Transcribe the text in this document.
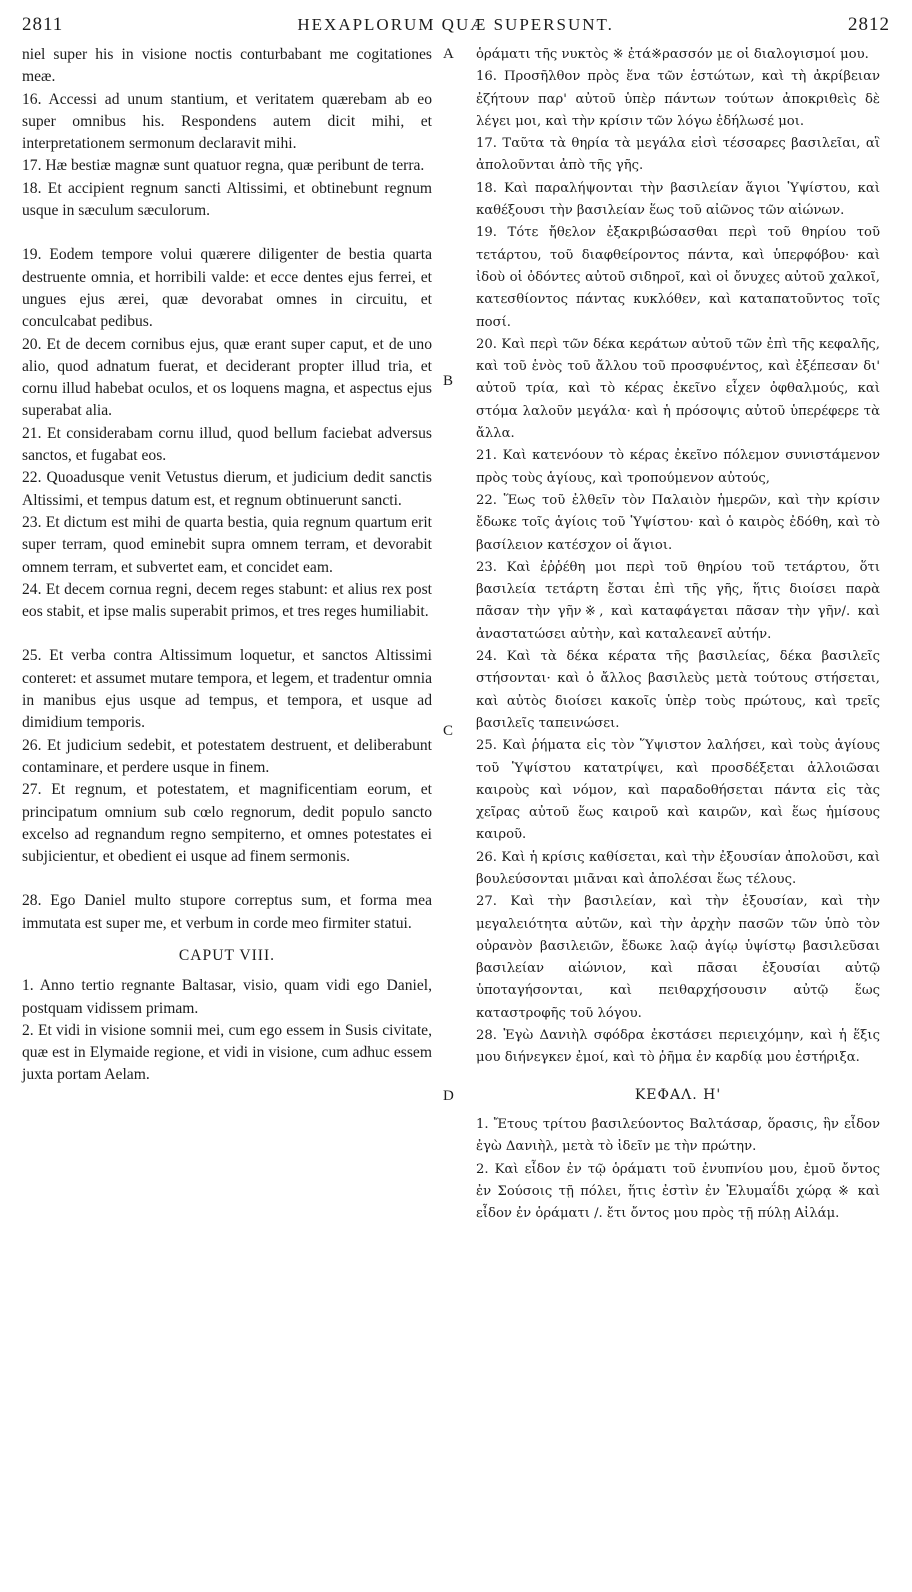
2811	HEXAPLORUM QUÆ SUPERSUNT.	2812
A
B
C
D

niel super his in visione noctis conturbabant me cogitationes meæ.

16. Accessi ad unum stantium, et veritatem quærebam ab eo super omnibus his. Respondens autem dicit mihi, et interpretationem sermonum declaravit mihi.

17. Hæ bestiæ magnæ sunt quatuor regna, quæ peribunt de terra.

18. Et accipient regnum sancti Altissimi, et obtinebunt regnum usque in sæculum sæculorum.

19. Eodem tempore volui quærere diligenter de bestia quarta destruente omnia, et horribili valde: et ecce dentes ejus ferrei, et ungues ejus ærei, quæ devorabat omnes in circuitu, et conculcabat pedibus.

20. Et de decem cornibus ejus, quæ erant super caput, et de uno alio, quod adnatum fuerat, et deciderant propter illud tria, et cornu illud habebat oculos, et os loquens magna, et aspectus ejus superabat alia.

21. Et considerabam cornu illud, quod bellum faciebat adversus sanctos, et fugabat eos.

22. Quoadusque venit Vetustus dierum, et judicium dedit sanctis Altissimi, et tempus datum est, et regnum obtinuerunt sancti.

23. Et dictum est mihi de quarta bestia, quia regnum quartum erit super terram, quod eminebit supra omnem terram, et devorabit omnem terram, et subvertet eam, et concidet eam.

24. Et decem cornua regni, decem reges stabunt: et alius rex post eos stabit, et ipse malis superabit primos, et tres reges humiliabit.

25. Et verba contra Altissimum loquetur, et sanctos Altissimi conteret: et assumet mutare tempora, et legem, et tradentur omnia in manibus ejus usque ad tempus, et tempora, et usque ad dimidium temporis.

26. Et judicium sedebit, et potestatem destruent, et deliberabunt contaminare, et perdere usque in finem.

27. Et regnum, et potestatem, et magnificentiam eorum, et principatum omnium sub cœlo regnorum, dedit populo sancto excelso ad regnandum regno sempiterno, et omnes potestates ei subjicientur, et obedient ei usque ad finem sermonis.

28. Ego Daniel multo stupore correptus sum, et forma mea immutata est super me, et verbum in corde meo firmiter statui.

CAPUT VIII.

1. Anno tertio regnante Baltasar, visio, quam vidi ego Daniel, postquam vidissem primam.

2. Et vidi in visione somnii mei, cum ego essem in Susis civitate, quæ est in Elymaide regione, et vidi in visione, cum adhuc essem juxta portam Aelam.

ὁράματι τῆς νυκτὸς ※ ἐτά※ρασσόν με οἱ διαλογισμοί μου.

16. Προσῆλθον πρὸς ἕνα τῶν ἑστώτων, καὶ τὴ ἀκρίβειαν ἐζήτουν παρ' αὐτοῦ ὑπὲρ πάντων τούτων ἀποκριθεὶς δὲ λέγει μοι, καὶ τὴν κρίσιν τῶν λόγω ἐδήλωσέ μοι.

17. Ταῦτα τὰ θηρία τὰ μεγάλα εἰσὶ τέσσαρες βασιλεῖαι, αἳ ἀπολοῦνται ἀπὸ τῆς γῆς.

18. Καὶ παραλήψονται τὴν βασιλείαν ἅγιοι Ὑψίστου, καὶ καθέξουσι τὴν βασιλείαν ἕως τοῦ αἰῶνος τῶν αἰώνων.

19. Τότε ἤθελον ἐξακριβώσασθαι περὶ τοῦ θηρίου τοῦ τετάρτου, τοῦ διαφθείροντος πάντα, καὶ ὑπερφόβου· καὶ ἰδοὺ οἱ ὀδόντες αὐτοῦ σιδηροῖ, καὶ οἱ ὄνυχες αὐτοῦ χαλκοῖ, κατεσθίοντος πάντας κυκλόθεν, καὶ καταπατοῦντος τοῖς ποσί.

20. Καὶ περὶ τῶν δέκα κεράτων αὐτοῦ τῶν ἐπὶ τῆς κεφαλῆς, καὶ τοῦ ἑνὸς τοῦ ἄλλου τοῦ προσφυέντος, καὶ ἐξέπεσαν δι' αὐτοῦ τρία, καὶ τὸ κέρας ἐκεῖνο εἶχεν ὀφθαλμούς, καὶ στόμα λαλοῦν μεγάλα· καὶ ἡ πρόσοψις αὐτοῦ ὑπερέφερε τὰ ἄλλα.

21. Καὶ κατενόουν τὸ κέρας ἐκεῖνο πόλεμον συνιστάμενον πρὸς τοὺς ἁγίους, καὶ τροπούμενον αὐτούς,

22. Ἕως τοῦ ἐλθεῖν τὸν Παλαιὸν ἡμερῶν, καὶ τὴν κρίσιν ἔδωκε τοῖς ἁγίοις τοῦ Ὑψίστου· καὶ ὁ καιρὸς ἐδόθη, καὶ τὸ βασίλειον κατέσχον οἱ ἅγιοι.

23. Καὶ ἐῤῥέθη μοι περὶ τοῦ θηρίου τοῦ τετάρτου, ὅτι βασιλεία τετάρτη ἔσται ἐπὶ τῆς γῆς, ἥτις διοίσει παρὰ πᾶσαν τὴν γῆν※, καὶ καταφάγεται πᾶσαν τὴν γῆν/. καὶ ἀναστατώσει αὐτὴν, καὶ καταλεανεῖ αὐτήν.

24. Καὶ τὰ δέκα κέρατα τῆς βασιλείας, δέκα βασιλεῖς στήσονται· καὶ ὁ ἄλλος βασιλεὺς μετὰ τούτους στήσεται, καὶ αὐτὸς διοίσει κακοῖς ὑπὲρ τοὺς πρώτους, καὶ τρεῖς βασιλεῖς ταπεινώσει.

25. Καὶ ῥήματα εἰς τὸν Ὕψιστον λαλήσει, καὶ τοὺς ἁγίους τοῦ Ὑψίστου κατατρίψει, καὶ προσδέξεται ἀλλοιῶσαι καιροὺς καὶ νόμον, καὶ παραδοθήσεται πάντα εἰς τὰς χεῖρας αὐτοῦ ἕως καιροῦ καὶ καιρῶν, καὶ ἕως ἡμίσους καιροῦ.

26. Καὶ ἡ κρίσις καθίσεται, καὶ τὴν ἐξουσίαν ἀπολοῦσι, καὶ βουλεύσονται μιᾶναι καὶ ἀπολέσαι ἕως τέλους.

27. Καὶ τὴν βασιλείαν, καὶ τὴν ἐξουσίαν, καὶ τὴν μεγαλειότητα αὐτῶν, καὶ τὴν ἀρχὴν πασῶν τῶν ὑπὸ τὸν οὐρανὸν βασιλειῶν, ἔδωκε λαῷ ἁγίῳ ὑψίστῳ βασιλεῦσαι βασιλείαν αἰώνιον, καὶ πᾶσαι ἐξουσίαι αὐτῷ ὑποταγήσονται, καὶ πειθαρχήσουσιν αὐτῷ ἕως καταστροφῆς τοῦ λόγου.

28. Ἐγὼ Δανιὴλ σφόδρα ἐκστάσει περιειχόμην, καὶ ἡ ἕξις μου διήνεγκεν ἐμοί, καὶ τὸ ῥῆμα ἐν καρδίᾳ μου ἐστήριξα.

ΚΕΦΑΛ. Η'

1. Ἔτους τρίτου βασιλεύοντος Βαλτάσαρ, ὅρασις, ἣν εἶδον ἐγὼ Δανιὴλ, μετὰ τὸ ἰδεῖν με τὴν πρώτην.

2. Καὶ εἶδον ἐν τῷ ὁράματι τοῦ ἐνυπνίου μου, ἐμοῦ ὄντος ἐν Σούσοις τῇ πόλει, ἥτις ἐστὶν ἐν Ἐλυμαΐδι χώρᾳ ※ καὶ εἶδον ἐν ὁράματι /. ἔτι ὄντος μου πρὸς τῇ πύλῃ Αἰλάμ.
